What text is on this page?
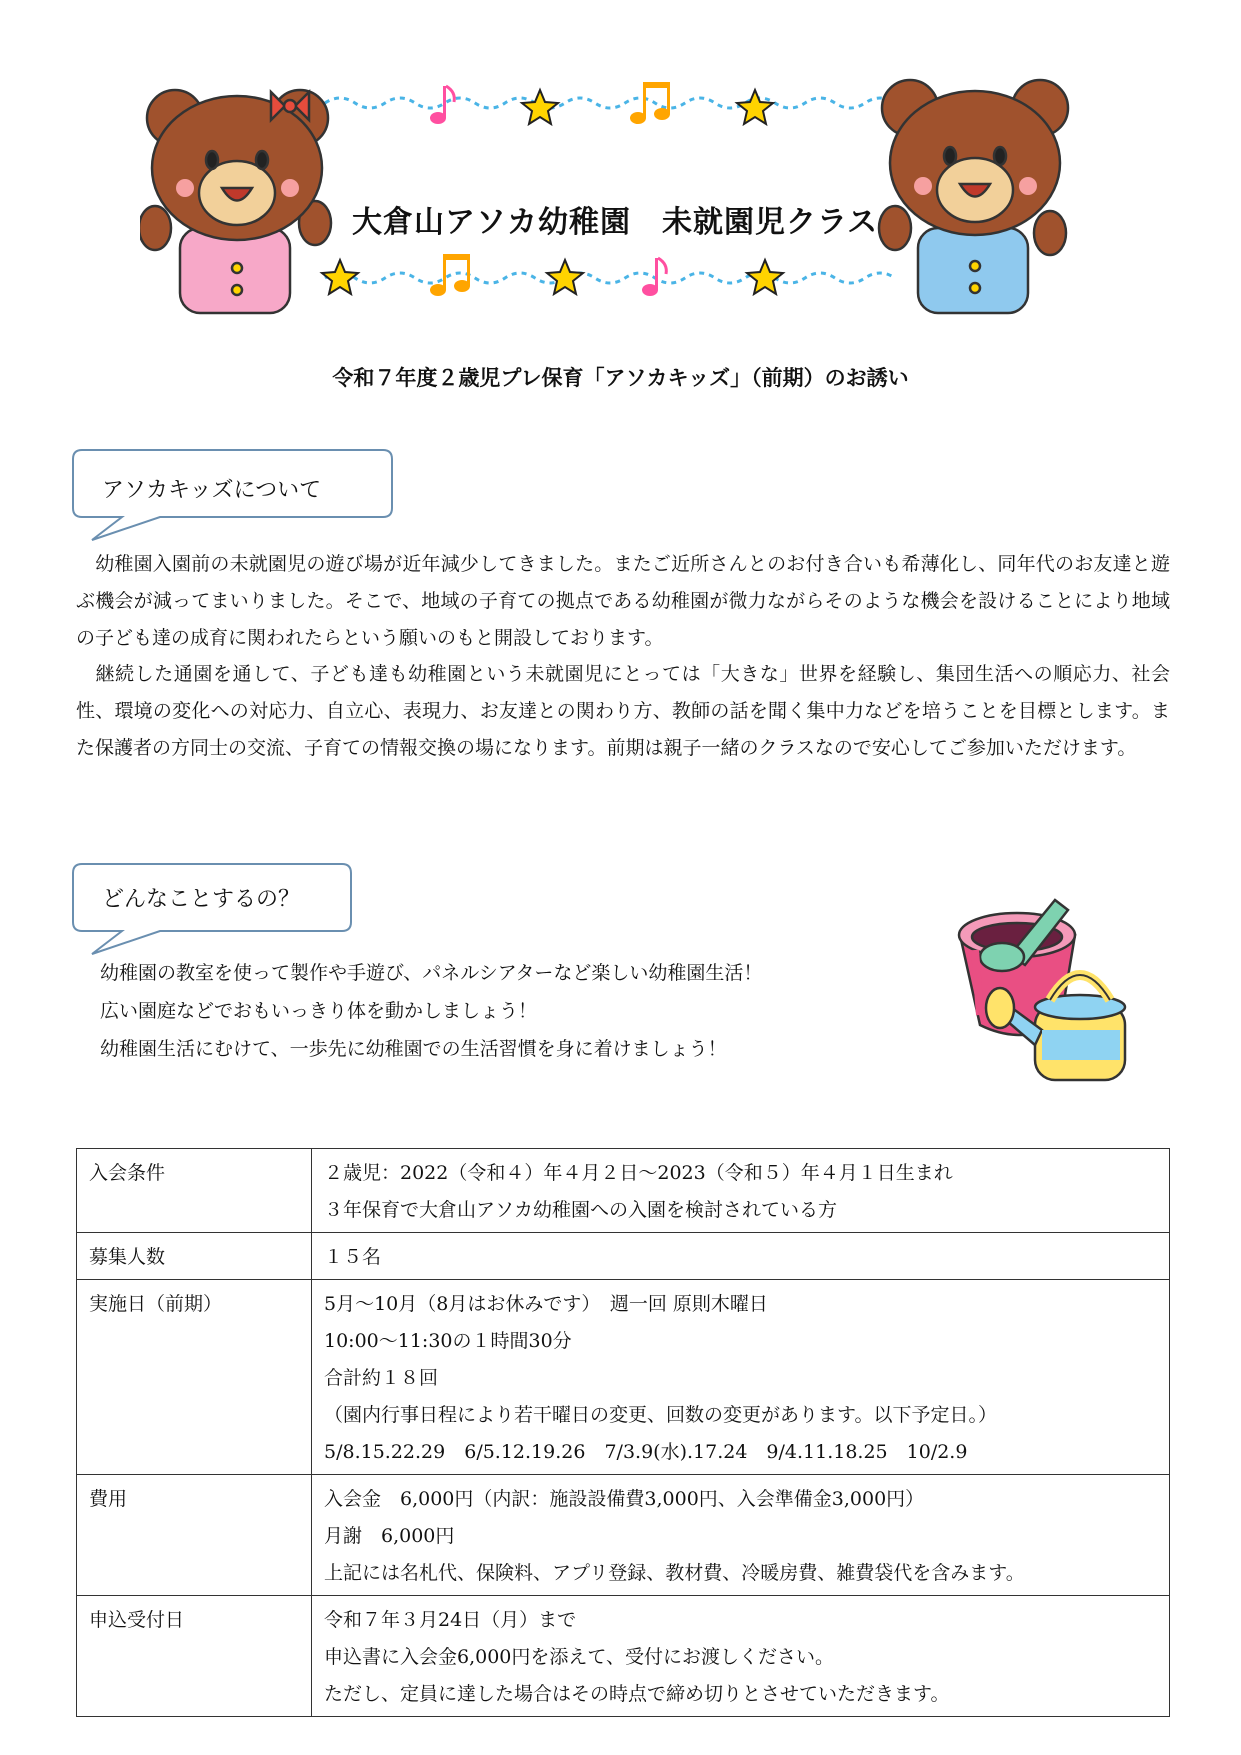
大倉山アソカ幼稚園　未就園児クラス
令和７年度２歳児プレ保育「アソカキッズ」（前期）のお誘い
アソカキッズについて

　幼稚園入園前の未就園児の遊び場が近年減少してきました。またご近所さんとのお付き合いも希薄化し、同年代のお友達と遊ぶ機会が減ってまいりました。そこで、地域の子育ての拠点である幼稚園が微力ながらそのような機会を設けることにより地域の子ども達の成育に関われたらという願いのもと開設しております。

　継続した通園を通して、子ども達も幼稚園という未就園児にとっては「大きな」世界を経験し、集団生活への順応力、社会性、環境の変化への対応力、自立心、表現力、お友達との関わり方、教師の話を聞く集中力などを培うことを目標とします。また保護者の方同士の交流、子育ての情報交換の場になります。前期は親子一緒のクラスなので安心してご参加いただけます。

どんなことするの？

幼稚園の教室を使って製作や手遊び、パネルシアターなど楽しい幼稚園生活！

広い園庭などでおもいっきり体を動かしましょう！

幼稚園生活にむけて、一歩先に幼稚園での生活習慣を身に着けましょう！

入会条件	２歳児：2022（令和４）年４月２日～2023（令和５）年４月１日生まれ
３年保育で大倉山アソカ幼稚園への入園を検討されている方

募集人数	１５名

実施日（前期）	5月～10月（8月はお休みです）　週一回 原則木曜日
10:00～11:30の１時間30分
合計約１８回
（園内行事日程により若干曜日の変更、回数の変更があります。以下予定日。）
5/8.15.22.29　6/5.12.19.26　7/3.9(水).17.24　9/4.11.18.25　10/2.9

費用	入会金　6,000円（内訳：施設設備費3,000円、入会準備金3,000円）
月謝　6,000円
上記には名札代、保険料、アプリ登録、教材費、冷暖房費、雑費袋代を含みます。

申込受付日	令和７年３月24日（月）まで
申込書に入会金6,000円を添えて、受付にお渡しください。
ただし、定員に達した場合はその時点で締め切りとさせていただきます。
